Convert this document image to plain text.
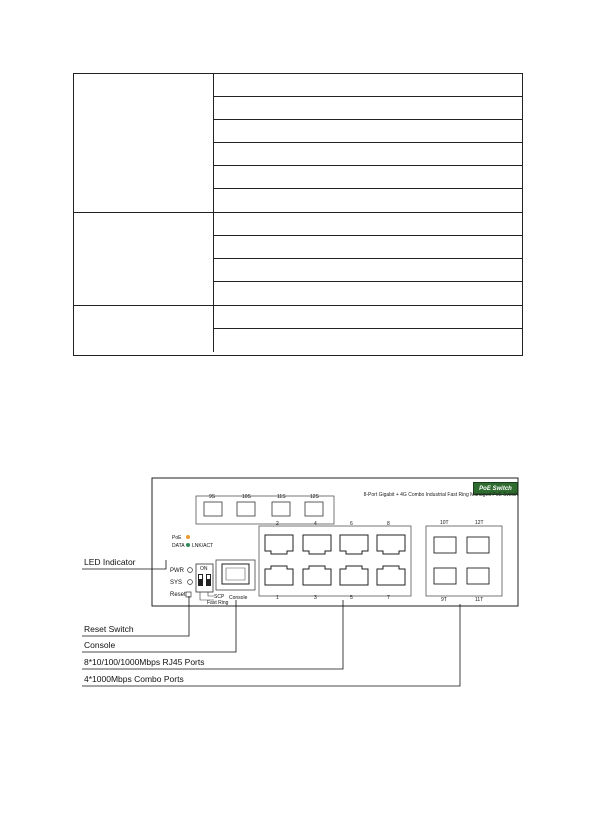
9S	10S	11S	12S
PoE
DATA LNK/ACT
PWR
SYS
Reset
ON
SCP
Fast Ring
Console
2	4	6	8
1	3	5	7
10T	12T
9T	11T
PoE Switch
8-Port Gigabit + 4G Combo Industrial Fast Ring Managed PoE Switch
LED Indicator
Reset Switch
Console
8*10/100/1000Mbps RJ45 Ports
4*1000Mbps Combo Ports
